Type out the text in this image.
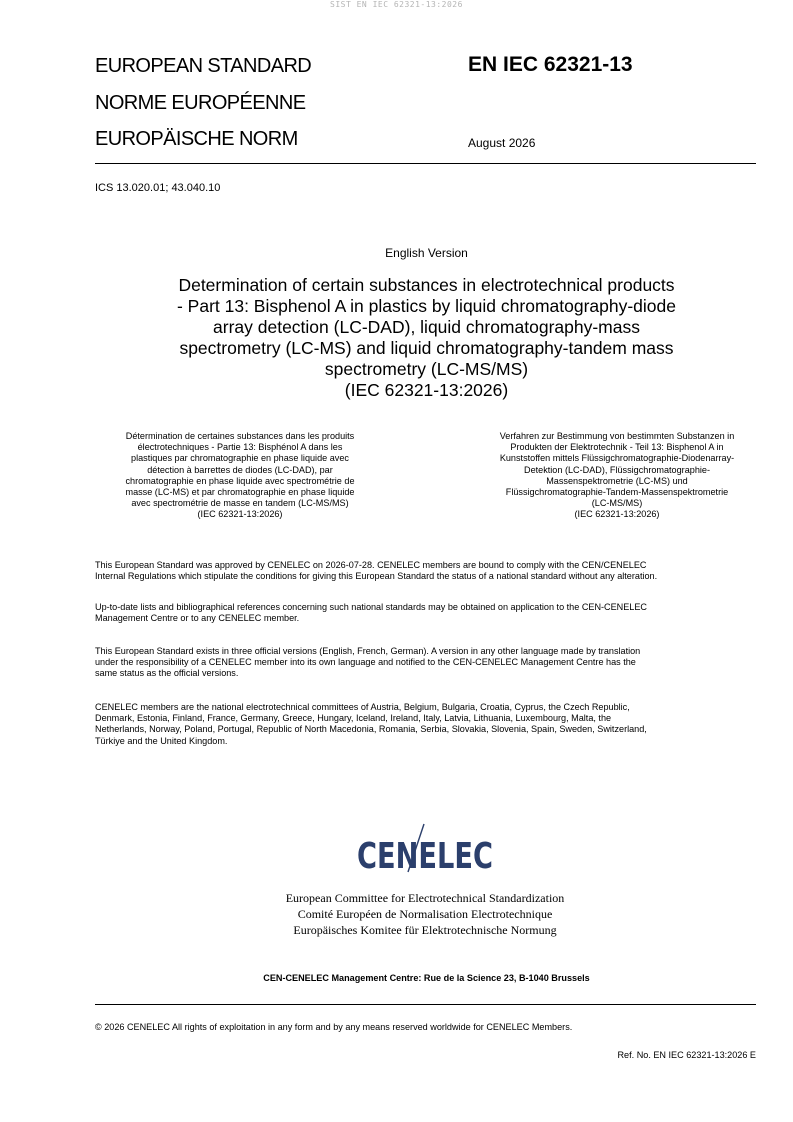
SIST EN IEC 62321-13:2026
EUROPEAN STANDARD
NORME EUROPÉENNE
EUROPÄISCHE NORM
EN IEC 62321-13
August 2026
ICS 13.020.01; 43.040.10
English Version
Determination of certain substances in electrotechnical products
- Part 13: Bisphenol A in plastics by liquid chromatography-diode
array detection (LC-DAD), liquid chromatography-mass
spectrometry (LC-MS) and liquid chromatography-tandem mass
spectrometry (LC-MS/MS)
(IEC 62321-13:2026)
Détermination de certaines substances dans les produits
électrotechniques - Partie 13: Bisphénol A dans les
plastiques par chromatographie en phase liquide avec
détection à barrettes de diodes (LC-DAD), par
chromatographie en phase liquide avec spectrométrie de
masse (LC-MS) et par chromatographie en phase liquide
avec spectrométrie de masse en tandem (LC-MS/MS)
(IEC 62321-13:2026)
Verfahren zur Bestimmung von bestimmten Substanzen in
Produkten der Elektrotechnik - Teil 13: Bisphenol A in
Kunststoffen mittels Flüssigchromatographie-Diodenarray-
Detektion (LC-DAD), Flüssigchromatographie-
Massenspektrometrie (LC-MS) und
Flüssigchromatographie-Tandem-Massenspektrometrie
(LC-MS/MS)
(IEC 62321-13:2026)
This European Standard was approved by CENELEC on 2026-07-28. CENELEC members are bound to comply with the CEN/CENELEC
Internal Regulations which stipulate the conditions for giving this European Standard the status of a national standard without any alteration.
Up-to-date lists and bibliographical references concerning such national standards may be obtained on application to the CEN-CENELEC
Management Centre or to any CENELEC member.
This European Standard exists in three official versions (English, French, German). A version in any other language made by translation
under the responsibility of a CENELEC member into its own language and notified to the CEN-CENELEC Management Centre has the
same status as the official versions.
CENELEC members are the national electrotechnical committees of Austria, Belgium, Bulgaria, Croatia, Cyprus, the Czech Republic,
Denmark, Estonia, Finland, France, Germany, Greece, Hungary, Iceland, Ireland, Italy, Latvia, Lithuania, Luxembourg, Malta, the
Netherlands, Norway, Poland, Portugal, Republic of North Macedonia, Romania, Serbia, Slovakia, Slovenia, Spain, Sweden, Switzerland,
Türkiye and the United Kingdom.
CENELEC
European Committee for Electrotechnical Standardization
Comité Européen de Normalisation Electrotechnique
Europäisches Komitee für Elektrotechnische Normung
CEN-CENELEC Management Centre: Rue de la Science 23, B-1040 Brussels
© 2026 CENELEC All rights of exploitation in any form and by any means reserved worldwide for CENELEC Members.
Ref. No. EN IEC 62321-13:2026 E
